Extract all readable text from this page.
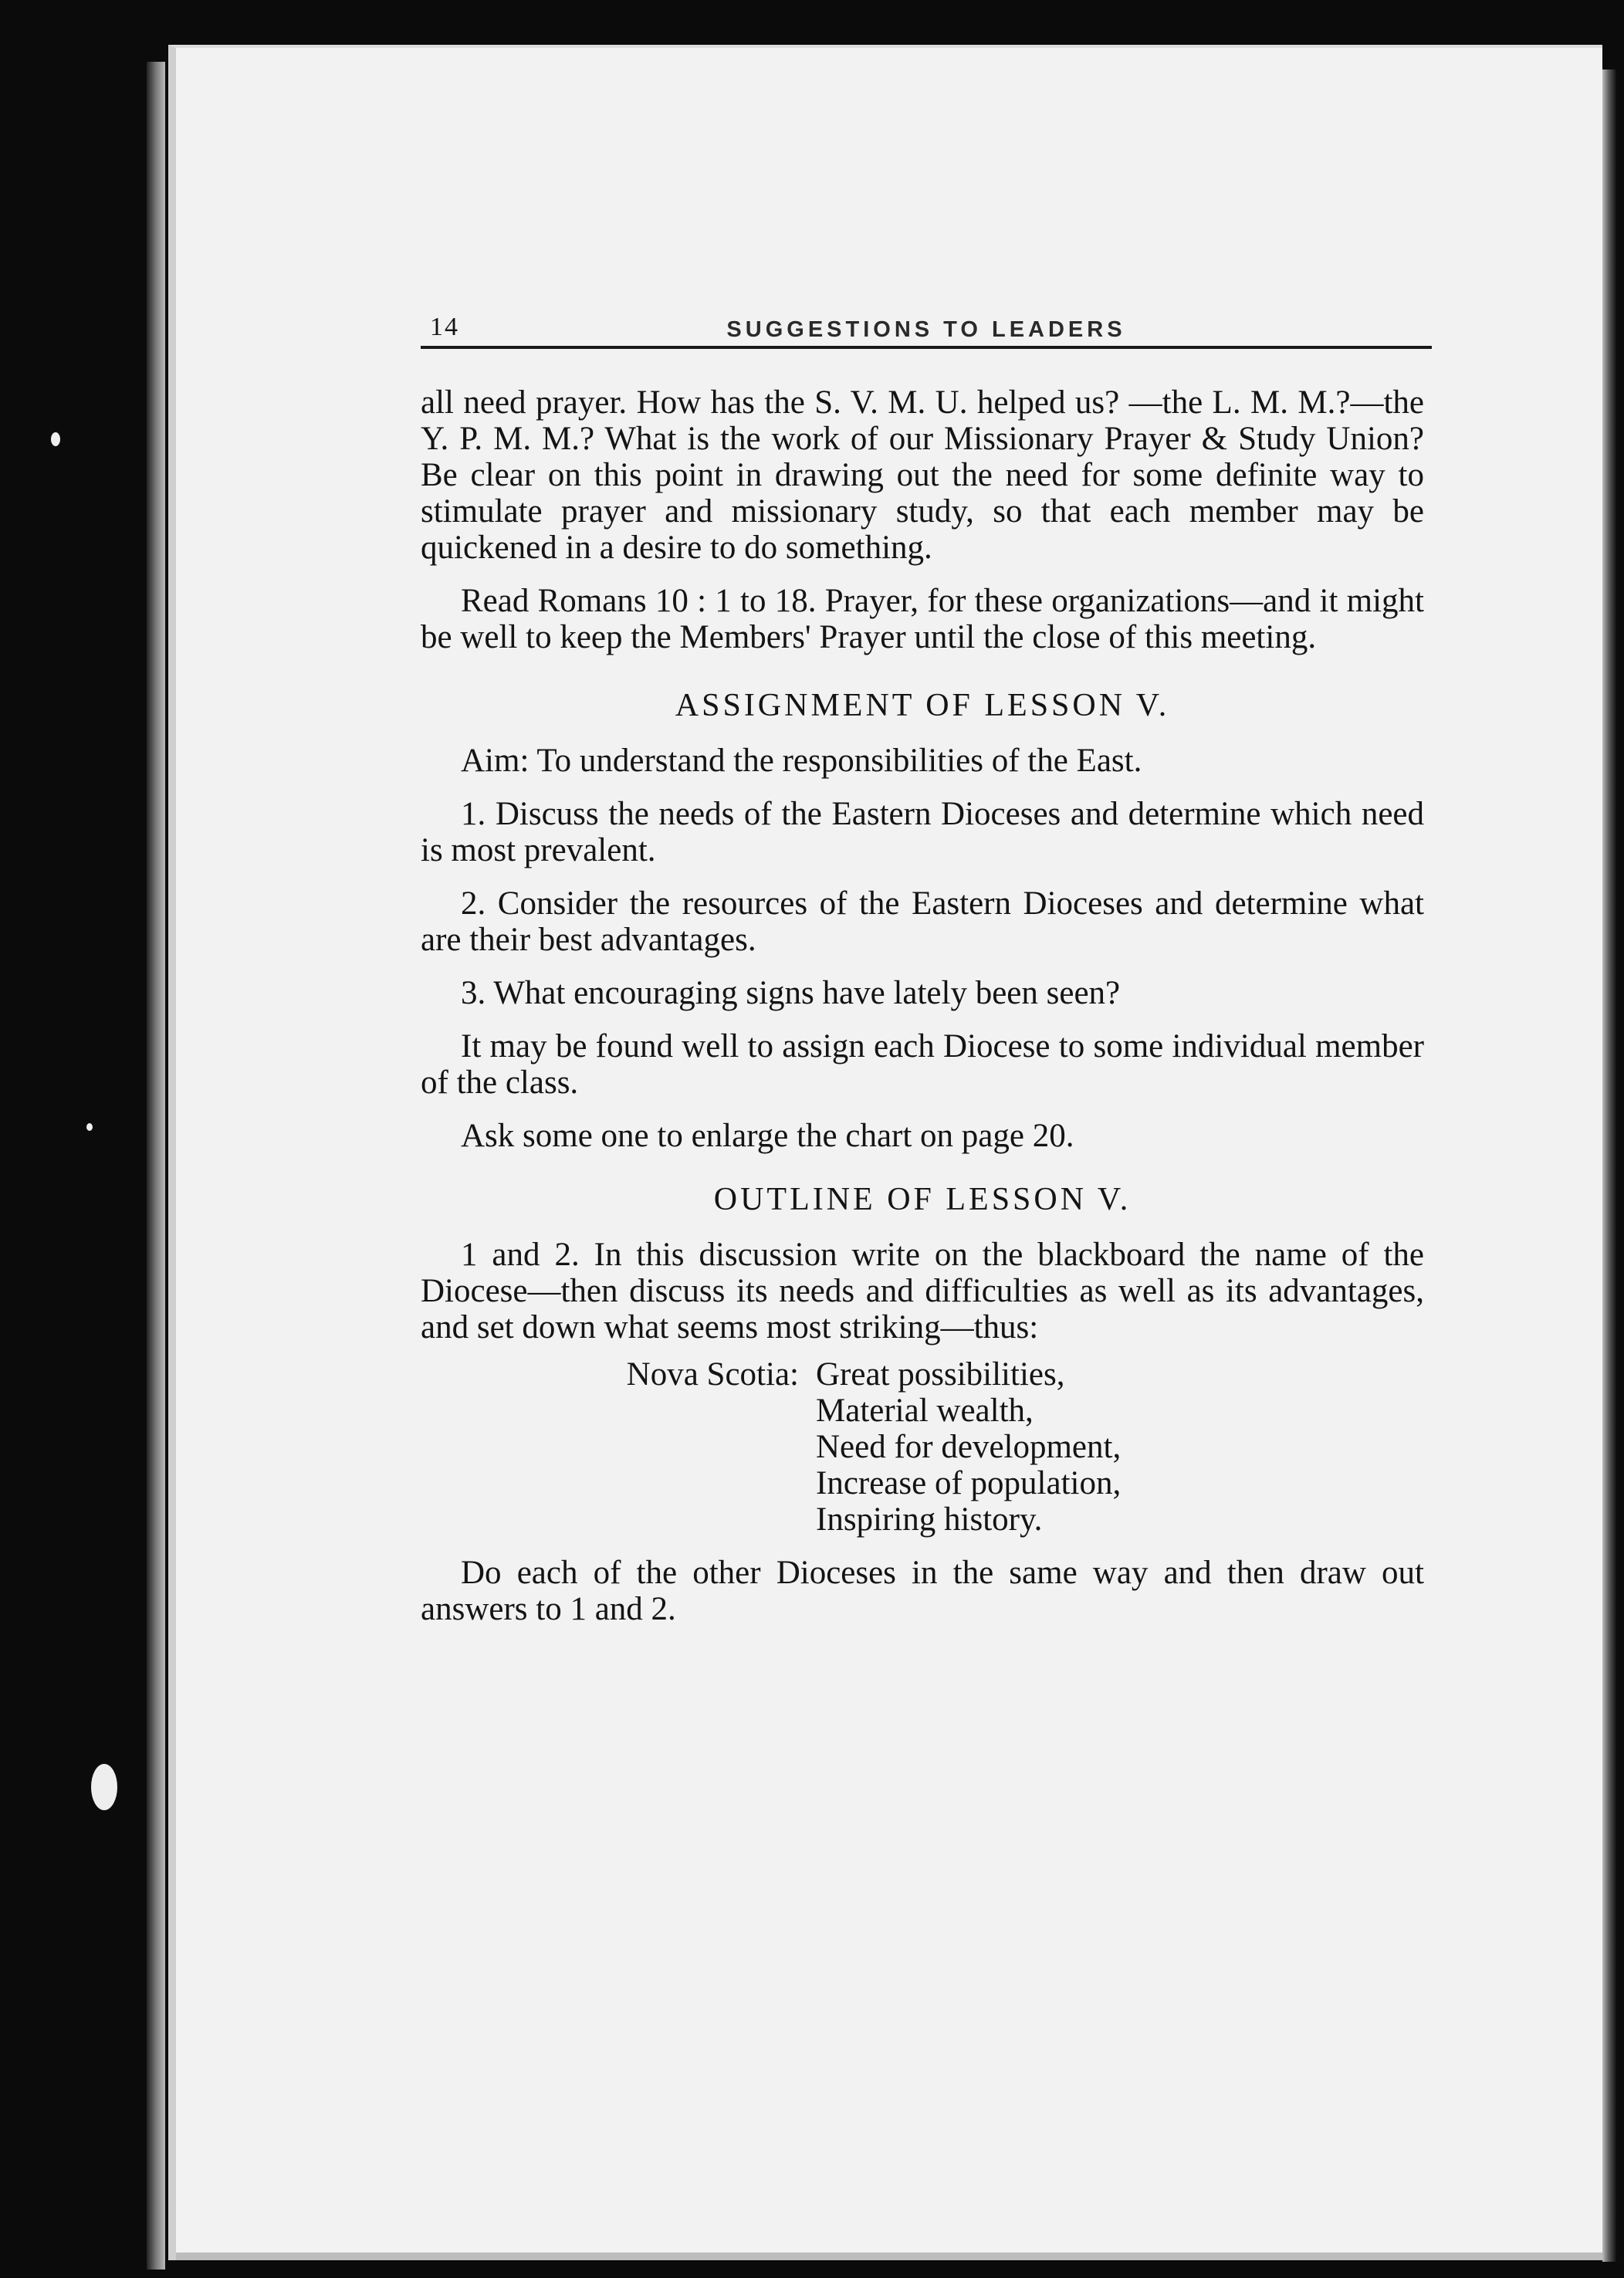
14	SUGGESTIONS TO LEADERS

all need prayer. How has the S. V. M. U. helped us? —the L. M. M.?—the Y. P. M. M.? What is the work of our Missionary Prayer & Study Union? Be clear on this point in drawing out the need for some definite way to stimulate prayer and missionary study, so that each member may be quickened in a desire to do something.

Read Romans 10 : 1 to 18. Prayer, for these organizations—and it might be well to keep the Members' Prayer until the close of this meeting.

ASSIGNMENT OF LESSON V.

Aim: To understand the responsibilities of the East.

1. Discuss the needs of the Eastern Dioceses and determine which need is most prevalent.

2. Consider the resources of the Eastern Dioceses and determine what are their best advantages.

3. What encouraging signs have lately been seen?

It may be found well to assign each Diocese to some individual member of the class.

Ask some one to enlarge the chart on page 20.

OUTLINE OF LESSON V.

1 and 2. In this discussion write on the blackboard the name of the Diocese—then discuss its needs and difficulties as well as its advantages, and set down what seems most striking—thus:

Nova Scotia: Great possibilities,
Material wealth,
Need for development,
Increase of population,
Inspiring history.

Do each of the other Dioceses in the same way and then draw out answers to 1 and 2.
